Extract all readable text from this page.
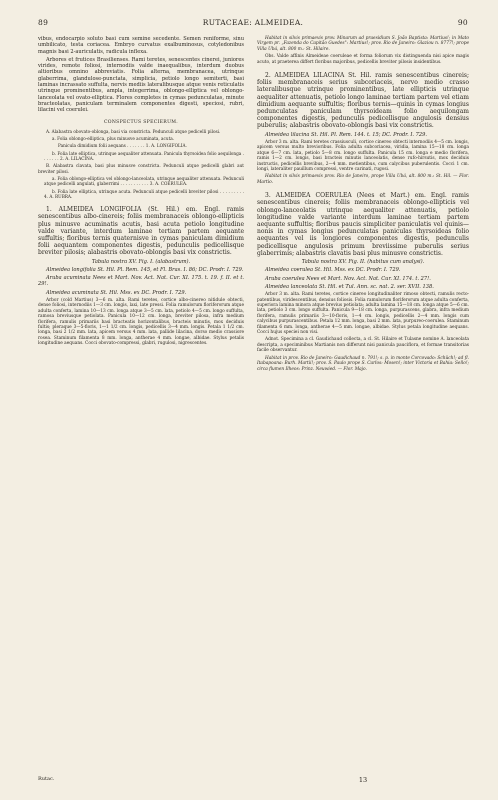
89	RUTACEAE: ALMEIDEA.	90

vibus, endocarpio soluto basi cum semine secedente. Semen reniforme, sinu umbilicato, testa coriacea. Embryo curvatus exalbuminosus, cotyledonibus magnis basi 2-auriculatis, radicula inflexa.

Arbores et frutices Brasilienses. Rami teretes, senescentes cinerei, juniores virides, remote foliosi, internodiis valde inaequalibus, interdum duobus altioribus omnino abbreviatis. Folia alterna, membranacea, utrinque glaberrima, glandulose-punctata, simplicia, petiolo longo semiterti, basi laminas incrassato suffulta, nervis mediis lateralibusque atque venis reticulatis utrinque prominentibus, ampla, integerrima, oblongo-elliptica vel oblongo-lanceolata vel ovato-elliptica. Flores completes in cymas pedunculatas, minute bracteolatas, paniculam terminalem componentes digesti, speciosi, rubri, lilacini vel coerulei.

CONSPECTUS SPECIERUM.

A. Alabastra obovato-oblonga, basi via constricta. Pedunculi atque pedicelli pilosi.

a. Folia oblongo-elliptica, plus minusve acuminata, acuta.

Panicula dimidium folii aequans . . . . . . . 1. A. LONGIFOLIA.

b. Folia late elliptica, utrinque aequaliter attenuata. Panicula thyrsoidea folio aequilonga . . . . . . . 2. A. LILACINA.

B. Alabastra clavata, basi plus minusve constricta. Pedunculi atque pedicelli glabri aut breviter pilosi.

a. Folia oblongo-elliptica vel oblongo-lanceolata, utrinque aequaliter attenuata. Pedunculi atque pedicelli angulati, glaberrimi . . . . . . . . . . . 3. A. COERULEA.

b. Folia late elliptica, utrinque acuta. Pedunculi atque pedicelli breviter pilosi . . . . . . . . . 4. A. RUBRA.

1. ALMEIDEA LONGIFOLIA (St. Hil.) em. Engl. ramis senescentibus albo-cinereis; foliis membranaceis oblongo-ellipticis plus minusve acuminatis acutis, basi acuta petiolo longitudine valde variante, interdum laminae tertiam partem aequante suffultis; floribus ternis quaternisve in cymas paniculam dimidium folii aequantem componentes digestis, pedunculis pedicellisque breviter pilosis; alabastris obovato-oblongis basi vix constrictis.

Tabula nostra XV. Fig. I. (alabastrum).

Almeidea longifolia St. Hil. Pl. Rem. 145, et Fl. Bras. I. 86; DC. Prodr. I. 729.

Aruba acuminata Nees et Mart. Nov. Act. Nat. Cur. XI. 175. t. 19. f. II. et t. 29!.

Almeidea acuminata St. Hil. Mss. ex DC. Prodr. I. 729.

Arbor (cold Martius) 3—6 m. alta. Rami teretes, cortice albo-cinereo nitidule obtecti, dense foliosi, internodiis 1—3 cm. longis, laxi, late pressi. Folia ramulorum floriferorum atque adulta conferta, lamina 10—13 cm. longa atque 3—5 cm. lata, petiolo 4—5 cm. longo suffulta, ramosa breviusque petiolata. Panicula 10—12 cm. longa, breviter pilosa, infra medium florifera, ramulis primariis basi bracteatis horizontalibus, bracteis minutis, mox deciduis fultis; pleraque 3—5-floris, 1—1 1/2 cm. longis, pedicellis 3—4 mm. longis. Petala 1 1/2 cm. longa, basi 2 1/2 mm. lata, apicem versus 4 mm. lata, pallide lilacina, dorso medio crassiore rosea. Staminum filamenta 8 mm. longa, antherae 4 mm. longae, albidae. Stylus petalis longitudine aequans. Cocci obovato-compressi, glabri, rugulosi, nigrescentes.

Habitat in silvis primaevis prov. Minarum ad praesidium S. João Baptista: Martius!; in Mato Virgem pr. „Fazenda do Capitão Guedes": Martius!; prov. Rio de Janeiro: Glaziou n. 8777!; prope Villa Ubá, alt. 800 m.: St. Hilaire.

Obs. Valde affinis Almeideae coeruleae et forma foliorum vix distinguenda nisi apice magis acuto, at praeterea differt floribus majoribus, pedicellis breviter pilosis insidentibus.

2. ALMEIDEA LILACINA St. Hil. ramis senescentibus cinereis; foliis membranaceis serius subcoriaceis, nervo medio crasso lateralibusque utrinque prominentibus, late ellipticis utrinque aequaliter attenuatis, petiolo longo laminae tertiam partem vel etiam dimidium aequante suffultis; floribus ternis—quinis in cymas longius pedunculatas paniculam thyrsoideam folio aequilongam componentes digestis, pedunculis pedicellisque angulosis densius puberulis; alabastris obovato-oblongis basi vix constrictis.

Almeidea lilacina St. Hil. Pl. Rem. 144. t. 15; DC. Prodr. I. 729.

Arbor 3 m. alta. Rami teretes crassiusculi, cortice cinereo obtecti internodiis 4—5 cm. longis, apicem versus multo brevioribus. Folia adulta subcoriacea, viridia, lamina 15—18 cm. longa atque 6—7 cm. lata, petiolo 5—8 cm. longo suffulta. Panicula 15 cm. longa e medio florifera, ramis 1—2 cm. longis, basi bracteis minutis lanceolatis, dense rufo-hirsutis, mox deciduis instructis, pedicellis brevibus, 2—4 mm. metientibus, cum calycibus puberulentis. Cocci 1 cm. longi, lateraliter pauillum compressi, ventre carinati, rugosi.

Habitat in silvis primaevis prov. Rio de Janeiro, prope Villa Ubá, alt. 800 m.: St. Hil. — Flor. Martio.

3. ALMEIDEA COERULEA (Nees et Mart.) em. Engl. ramis senescentibus cinereis; foliis membranaceis oblongo-ellipticis vel oblongo-lanceolatis utrinque aequaliter attenuatis, petiolo longitudine valde variante interdum laminae tertiam partem aequante suffultis; floribus paucis simpliciter paniculatis vel quinis—nonis in cymas longius pedunculatas paniculas thyrsoideas folio aequantes vel iis longiores componentes digestis, pedunculis pedicellisque angulosis primum breviissime puberulis serius glaberrimis; alabastris clavatis basi plus minusve constrictis.

Tabula nostra XV. Fig. II. (habitus cum analysi).

Almeidea coerulea St. Hil. Mss. ex DC. Prodr. I. 729.

Aruba coerulea Nees et Mart. Nov. Act. Nat. Cur. XI. 174. t. 27!.

Almeidea lanceolata St. Hil. et Tul. Ann. sc. nat. 2. ser. XVII. 138.

Arbor 3 m. alta. Rami teretes, cortice cinereo longitudinaliter rimoso obtecti, ramulis recto-patentibus, viridescentibus, densius foliosis. Folia ramulorum floriferorum atque adulta conferta, superiora lamina minora atque brevius petiolata; adulta lamina 15—18 cm. longa atque 5—6 cm. lata, petiolo 3 cm. longo suffulta. Panicula 9—18 cm. longa, purpurascens, glabra, infra medium florifera, ramulis primariis 3—10-floris, 1—4 cm. longis, pedicellis 2—4 mm. longis cum calycibus purpurascentibus. Petala 12 mm. longa, basi 2 mm. lata, purpureo-coerulea. Staminum filamenta 6 mm. longa, antherae 4—5 mm. longae, albidae. Stylus petala longitudine aequans. Cocci hujus speciei non visi.

Adnot. Specimina a cl. Gaudichaud collecta, a cl. St. Hilaire et Tulasne nomine A. lanceolata descripta, a speciminibus Martianis non differunt nisi panicula pauciflora, et formae transitorias facile observantur.

Habitat in prov. Rio de Janeiro: Gaudichaud n. 791!; s. p. in monte Corcovado: Schüch!; ad fl. Itabapoana: Burh. Martii!; prov. S. Paulo prope S. Carlos: Mosen!; inter Victoria et Bahia: Sello!; circa flumen Ilheos: Prinz. Neuwied. — Flor. Majo.

Rutac.	13
